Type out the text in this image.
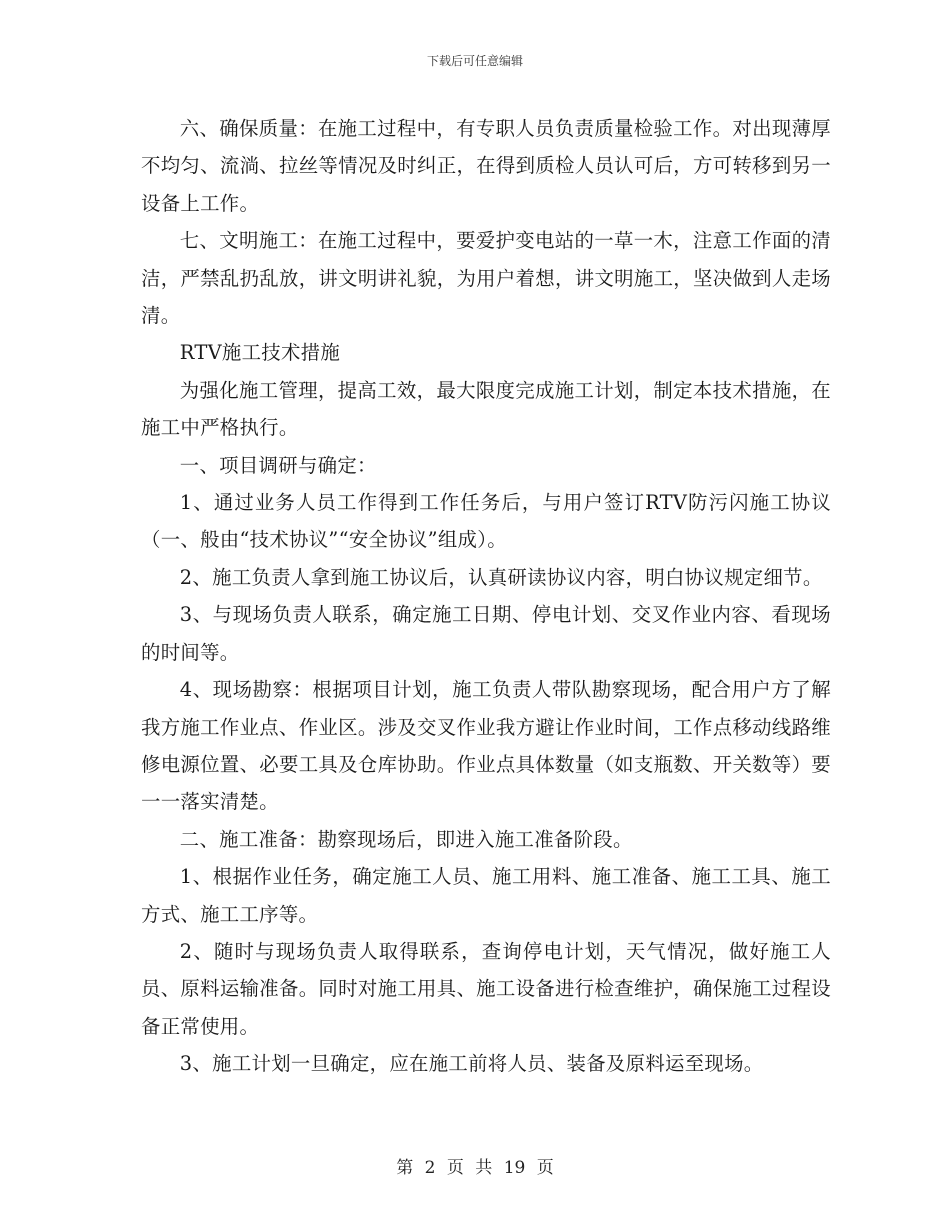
下载后可任意编辑

六、确保质量：在施工过程中，有专职人员负责质量检验工作。对出现薄厚不均匀、流淌、拉丝等情况及时纠正，在得到质检人员认可后，方可转移到另一设备上工作。

七、文明施工：在施工过程中，要爱护变电站的一草一木，注意工作面的清洁，严禁乱扔乱放，讲文明讲礼貌，为用户着想，讲文明施工，坚决做到人走场清。

RTV施工技术措施

为强化施工管理，提高工效，最大限度完成施工计划，制定本技术措施，在施工中严格执行。

一、项目调研与确定：

1、通过业务人员工作得到工作任务后，与用户签订RTV防污闪施工协议（一、般由“技术协议”“安全协议”组成）。

2、施工负责人拿到施工协议后，认真研读协议内容，明白协议规定细节。

3、与现场负责人联系，确定施工日期、停电计划、交叉作业内容、看现场的时间等。

4、现场勘察：根据项目计划，施工负责人带队勘察现场，配合用户方了解我方施工作业点、作业区。涉及交叉作业我方避让作业时间，工作点移动线路维修电源位置、必要工具及仓库协助。作业点具体数量（如支瓶数、开关数等）要一一落实清楚。

二、施工准备：勘察现场后，即进入施工准备阶段。

1、根据作业任务，确定施工人员、施工用料、施工准备、施工工具、施工方式、施工工序等。

2、随时与现场负责人取得联系，查询停电计划，天气情况，做好施工人员、原料运输准备。同时对施工用具、施工设备进行检查维护，确保施工过程设备正常使用。

3、施工计划一旦确定，应在施工前将人员、装备及原料运至现场。

第 2 页 共 19 页
